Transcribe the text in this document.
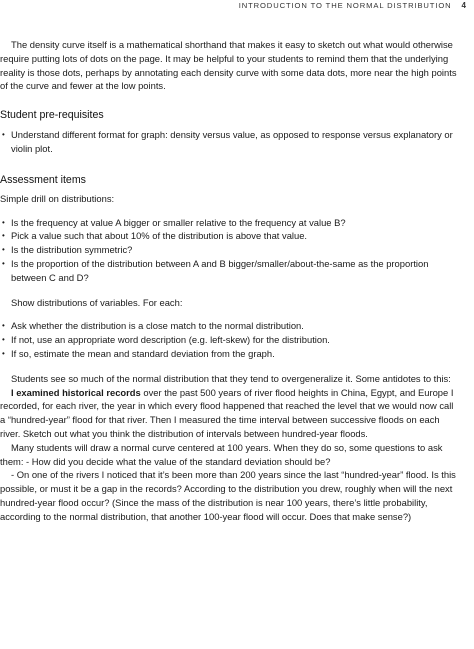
INTRODUCTION TO THE NORMAL DISTRIBUTION 4

The density curve itself is a mathematical shorthand that makes it easy to sketch out what would otherwise require putting lots of dots on the page. It may be helpful to your students to remind them that the underlying reality is those dots, perhaps by annotating each density curve with some data dots, more near the high points of the curve and fewer at the low points.

Student pre-requisites
• Understand different format for graph: density versus value, as opposed to response versus explanatory or violin plot.
Assessment items

Simple drill on distributions:

• Is the frequency at value A bigger or smaller relative to the frequency at value B?
• Pick a value such that about 10% of the distribution is above that value.
• Is the distribution symmetric?
• Is the proportion of the distribution between A and B bigger/smaller/about-the-same as the proportion between C and D?

Show distributions of variables. For each:

• Ask whether the distribution is a close match to the normal distribution.
• If not, use an appropriate word description (e.g. left-skew) for the distribution.
• If so, estimate the mean and standard deviation from the graph.

Students see so much of the normal distribution that they tend to overgeneralize it. Some antidotes to this:

I examined historical records over the past 500 years of river flood heights in China, Egypt, and Europe I recorded, for each river, the year in which every flood happened that reached the level that we would now call a “hundred-year” flood for that river. Then I measured the time interval between successive floods on each river. Sketch out what you think the distribution of intervals between hundred-year floods.

Many students will draw a normal curve centered at 100 years. When they do so, some questions to ask them: - How did you decide what the value of the standard deviation should be?

- On one of the rivers I noticed that it’s been more than 200 years since the last “hundred-year” flood. Is this possible, or must it be a gap in the records? According to the distribution you drew, roughly when will the next hundred-year flood occur? (Since the mass of the distribution is near 100 years, there’s little probability, according to the normal distribution, that another 100-year flood will occur. Does that make sense?)
